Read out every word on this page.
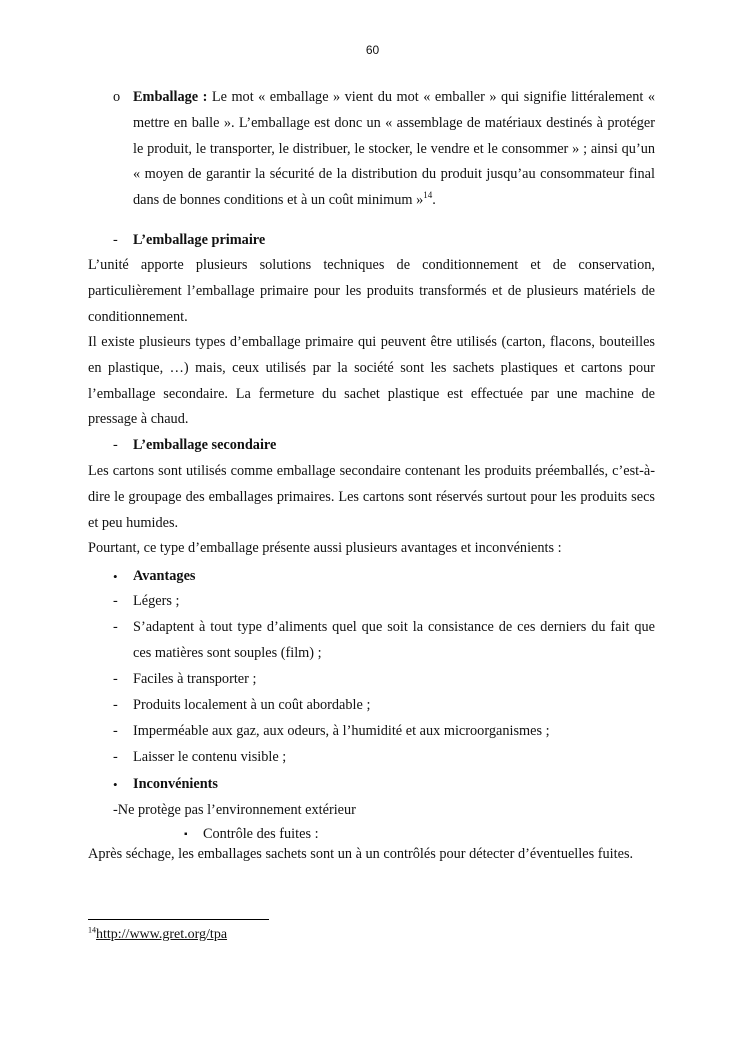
60
o Emballage : Le mot « emballage » vient du mot « emballer » qui signifie littéralement « mettre en balle ». L’emballage est donc un « assemblage de matériaux destinés à protéger le produit, le transporter, le distribuer, le stocker, le vendre et le consommer » ; ainsi qu’un « moyen de garantir la sécurité de la distribution du produit jusqu’au consommateur final dans de bonnes conditions et à un coût minimum »$^{14}$.
- L’emballage primaire
L’unité apporte plusieurs solutions techniques de conditionnement et de conservation, particulièrement l’emballage primaire pour les produits transformés et de plusieurs matériels de conditionnement.
Il existe plusieurs types d’emballage primaire qui peuvent être utilisés (carton, flacons, bouteilles en plastique, …) mais, ceux utilisés par la société sont les sachets plastiques et cartons pour l’emballage secondaire. La fermeture du sachet plastique est effectuée par une machine de pressage à chaud.
- L’emballage secondaire
Les cartons sont utilisés comme emballage secondaire contenant les produits préemballés, c’est-à-dire le groupage des emballages primaires. Les cartons sont réservés surtout pour les produits secs et peu humides.
Pourtant, ce type d’emballage présente aussi plusieurs avantages et inconvénients :
• Avantages
- Légers ;
- S’adaptent à tout type d’aliments quel que soit la consistance de ces derniers du fait que ces matières sont souples (film) ;
- Faciles à transporter ;
- Produits localement à un coût abordable ;
- Imperméable aux gaz, aux odeurs, à l’humidité et aux microorganismes ;
- Laisser le contenu visible ;
• Inconvénients
-Ne protège pas l’environnement extérieur
▪ Contrôle des fuites :
Après séchage, les emballages sachets sont un à un contrôlés pour détecter d’éventuelles fuites.
$^{14}$http://www.gret.org/tpa
